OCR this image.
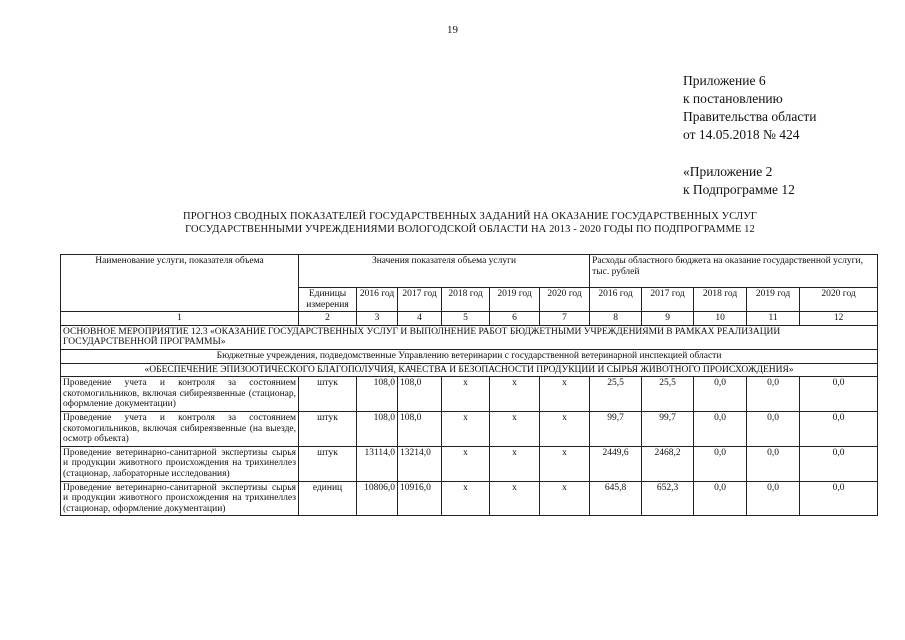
19
Приложение 6
к постановлению
Правительства области
от 14.05.2018 № 424
«Приложение 2
к Подпрограмме 12
ПРОГНОЗ СВОДНЫХ ПОКАЗАТЕЛЕЙ ГОСУДАРСТВЕННЫХ ЗАДАНИЙ НА ОКАЗАНИЕ ГОСУДАРСТВЕННЫХ УСЛУГ
ГОСУДАРСТВЕННЫМИ УЧРЕЖДЕНИЯМИ ВОЛОГОДСКОЙ ОБЛАСТИ НА 2013 - 2020 ГОДЫ ПО ПОДПРОГРАММЕ 12
Наименование услуги, показателя объема	Значения показателя объема услуги						Расходы областного бюджета на оказание государственной услуги, тыс. рублей				
	Единицы измерения	2016 год	2017 год	2018 год	2019 год	2020 год	2016 год	2017 год	2018 год	2019 год	2020 год
1	2	3	4	5	6	7	8	9	10	11	12
ОСНОВНОЕ МЕРОПРИЯТИЕ 12.3 «ОКАЗАНИЕ ГОСУДАРСТВЕННЫХ УСЛУГ И ВЫПОЛНЕНИЕ РАБОТ БЮДЖЕТНЫМИ УЧРЕЖДЕНИЯМИ В РАМКАХ РЕАЛИЗАЦИИ ГОСУДАРСТВЕННОЙ ПРОГРАММЫ»											
Бюджетные учреждения, подведомственные Управлению ветеринарии с государственной ветеринарной инспекцией области											
«ОБЕСПЕЧЕНИЕ ЭПИЗООТИЧЕСКОГО БЛАГОПОЛУЧИЯ, КАЧЕСТВА И БЕЗОПАСНОСТИ ПРОДУКЦИИ И СЫРЬЯ ЖИВОТНОГО ПРОИСХОЖДЕНИЯ»											
Проведение учета и контроля за состоянием скотомогильников, включая сибиреязвенные (стационар, оформление документации)	штук	108,0	108,0	х	х	х	25,5	25,5	0,0	0,0	0,0
Проведение учета и контроля за состоянием скотомогильников, включая сибиреязвенные (на выезде, осмотр объекта)	штук	108,0	108,0	х	х	х	99,7	99,7	0,0	0,0	0,0
Проведение ветеринарно-санитарной экспертизы сырья и продукции животного происхождения на трихинеллез (стационар, лабораторные исследования)	штук	13114,0	13214,0	х	х	х	2449,6	2468,2	0,0	0,0	0,0
Проведение ветеринарно-санитарной экспертизы сырья и продукции животного происхождения на трихинеллез (стационар, оформление документации)	единиц	10806,0	10916,0	х	х	х	645,8	652,3	0,0	0,0	0,0
